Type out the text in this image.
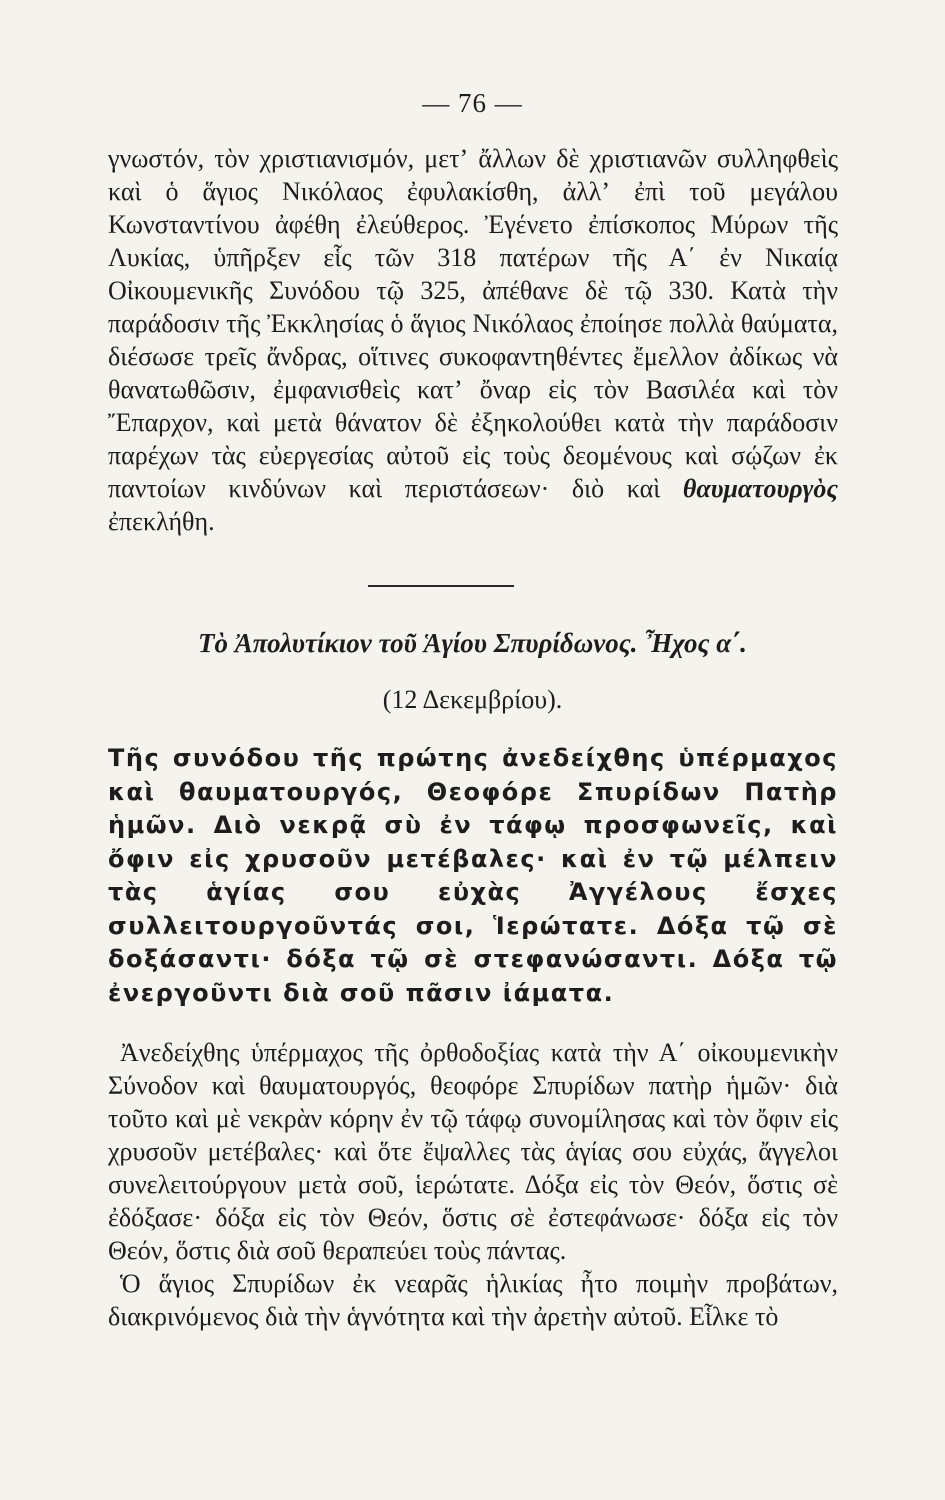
— 76 —

γνωστόν, τὸν χριστιανισμόν, μετʼ ἄλλων δὲ χριστιανῶν συλληφθεὶς καὶ ὁ ἅγιος Νικόλαος ἐφυλακίσθη, ἀλλʼ ἐπὶ τοῦ μεγάλου Κωνσταντίνου ἀφέθη ἐλεύθερος. Ἐγένετο ἐπίσκοπος Μύρων τῆς Λυκίας, ὑπῆρξεν εἷς τῶν 318 πατέρων τῆς Α΄ ἐν Νικαίᾳ Οἰκουμενικῆς Συνόδου τῷ 325, ἀπέθανε δὲ τῷ 330. Κατὰ τὴν παράδοσιν τῆς Ἐκκλησίας ὁ ἅγιος Νικόλαος ἐποίησε πολλὰ θαύματα, διέσωσε τρεῖς ἄνδρας, οἵτινες συκοφαντηθέντες ἔμελλον ἀδίκως νὰ θανατωθῶσιν, ἐμφανισθεὶς κατʼ ὄναρ εἰς τὸν Βασιλέα καὶ τὸν Ἔπαρχον, καὶ μετὰ θάνατον δὲ ἐξηκολούθει κατὰ τὴν παράδοσιν παρέχων τὰς εὐεργεσίας αὐτοῦ εἰς τοὺς δεομένους καὶ σῴζων ἐκ παντοίων κινδύνων καὶ περιστάσεων· διὸ καὶ θαυματουργὸς ἐπεκλήθη.

Τὸ Ἀπολυτίκιον τοῦ Ἁγίου Σπυρίδωνος. Ἦχος α΄.
(12 Δεκεμβρίου).

Τῆς συνόδου τῆς πρώτης ἀνεδείχθης ὑπέρμαχος καὶ θαυματουργός, Θεοφόρε Σπυρίδων Πατὴρ ἡμῶν. Διὸ νεκρᾷ σὺ ἐν τάφῳ προσφωνεῖς, καὶ ὄφιν εἰς χρυσοῦν μετέβαλες· καὶ ἐν τῷ μέλπειν τὰς ἁγίας σου εὐχὰς Ἀγγέλους ἔσχες συλλειτουργοῦντάς σοι, Ἱερώτατε. Δόξα τῷ σὲ δοξάσαντι· δόξα τῷ σὲ στεφανώσαντι. Δόξα τῷ ἐνεργοῦντι διὰ σοῦ πᾶσιν ἰάματα.

Ἀνεδείχθης ὑπέρμαχος τῆς ὀρθοδοξίας κατὰ τὴν Α΄ οἰκουμενικὴν Σύνοδον καὶ θαυματουργός, θεοφόρε Σπυρίδων πατὴρ ἡμῶν· διὰ τοῦτο καὶ μὲ νεκρὰν κόρην ἐν τῷ τάφῳ συνομίλησας καὶ τὸν ὄφιν εἰς χρυσοῦν μετέβαλες· καὶ ὅτε ἔψαλλες τὰς ἁγίας σου εὐχάς, ἄγγελοι συνελειτούργουν μετὰ σοῦ, ἱερώτατε. Δόξα εἰς τὸν Θεόν, ὅστις σὲ ἐδόξασε· δόξα εἰς τὸν Θεόν, ὅστις σὲ ἐστεφάνωσε· δόξα εἰς τὸν Θεόν, ὅστις διὰ σοῦ θεραπεύει τοὺς πάντας.

Ὁ ἅγιος Σπυρίδων ἐκ νεαρᾶς ἡλικίας ἦτο ποιμὴν προβάτων, διακρινόμενος διὰ τὴν ἁγνότητα καὶ τὴν ἀρετὴν αὐτοῦ. Εἷλκε τὸ
